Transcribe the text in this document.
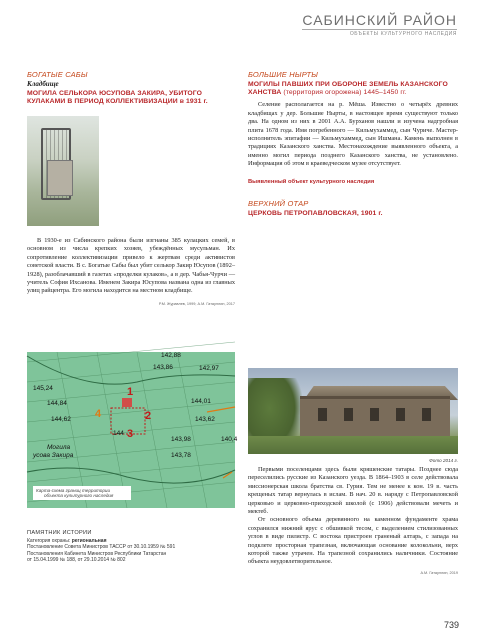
САБИНСКИЙ РАЙОН
ОБЪЕКТЫ КУЛЬТУРНОГО НАСЛЕДИЯ
БОГАТЫЕ САБЫ
Кладбище
МОГИЛА СЕЛЬКОРА ЮСУПОВА ЗАКИРА, УБИТОГО КУЛАКАМИ В ПЕРИОД КОЛЛЕКТИВИЗАЦИИ в 1931 г.

В 1930-е из Сабинского района были изгнаны 385 кулацких семей, в основном из числа крепких хозяев, убеждённых мусульман. Их сопротивление коллективизации привело к жертвам среди активистов советской власти. В с. Богатые Сабы был убит селькор Закир Юсупов (1892–1928), разоблачавший в газетах «проделки кулаков», а в дер. Чабья-Чурчи — учитель София Ихсанова. Именем Закира Юсупова названа одна из главных улиц райцентра. Его могила находится на местном кладбище.

Р.М. Журавлев, 1999; А.М. Гатауллин, 2017
142,88
143,86	142,97
145,24
144,84	144,01
144,62	143,62
144
143,98	140,4
143,78
Могила
усова Закира
1
2
3
4
Карта-схема границ территории
объекта культурного наследия
ПАМЯТНИК ИСТОРИИ
Категория охраны: региональная
Постановление Совета Министров ТАССР от 30.10.1959 № 591
Постановления Кабинета Министров Республики Татарстан
от 15.04.1999 № 188, от 29.10.2014 № 802
БОЛЬШИЕ НЫРТЫ
МОГИЛЫ ПАВШИХ ПРИ ОБОРОНЕ ЗЕМЕЛЬ КАЗАНСКОГО ХАНСТВА (территория огорожена) 1445–1450 гг.

Селение располагается на р. Мёша. Известно о четырёх древних кладбищах у дер. Большие Нырты, в настоящее время существуют только два. На одном из них в 2001 А.А. Бурханов нашли и изучена надгробная плита 1678 года. Имя погребенного — Кильмухаммед, сын Чуриче. Мастер-исполнитель эпитафии — Кильмухаммед, сын Ишмана. Камень выполнен в традициях Казанского ханства. Местонахождение выявленного объекта, а именно могил периода позднего Казанского ханства, не установлено. Информация об этом в краеведческом музее отсутствует.

Выявленный объект культурного наследия
ВЕРХНИЙ ОТАР
ЦЕРКОВЬ ПЕТРОПАВЛОВСКАЯ, 1901 г.
Фото 2014 г.

Первыми поселенцами здесь были кряшенские татары. Позднее сюда переселились русские из Казанского уезда. В 1864–1903 в селе действовала миссионерская школа братства св. Гурия. Тем не менее к кон. 19 в. часть крещеных татар вернулась в ислам. В нач. 20 в. наряду с Петропавловской церковью и церковно-приходской школой (с 1906) действовали мечеть и мектеб.

От основного объема деревянного на каменном фундаменте храма сохранился нижний ярус с обшивкой тесом, с выделением стилизованных углов в виде пилястр. С востока пристроен граненый алтарь, с запада на подклете просторная трапезная, включающая основание колокольни, верх которой также утрачен. На трапезной сохранились наличники. Состояние объекта неудовлетворительное.

А.М. Гатауллин, 2019
739
